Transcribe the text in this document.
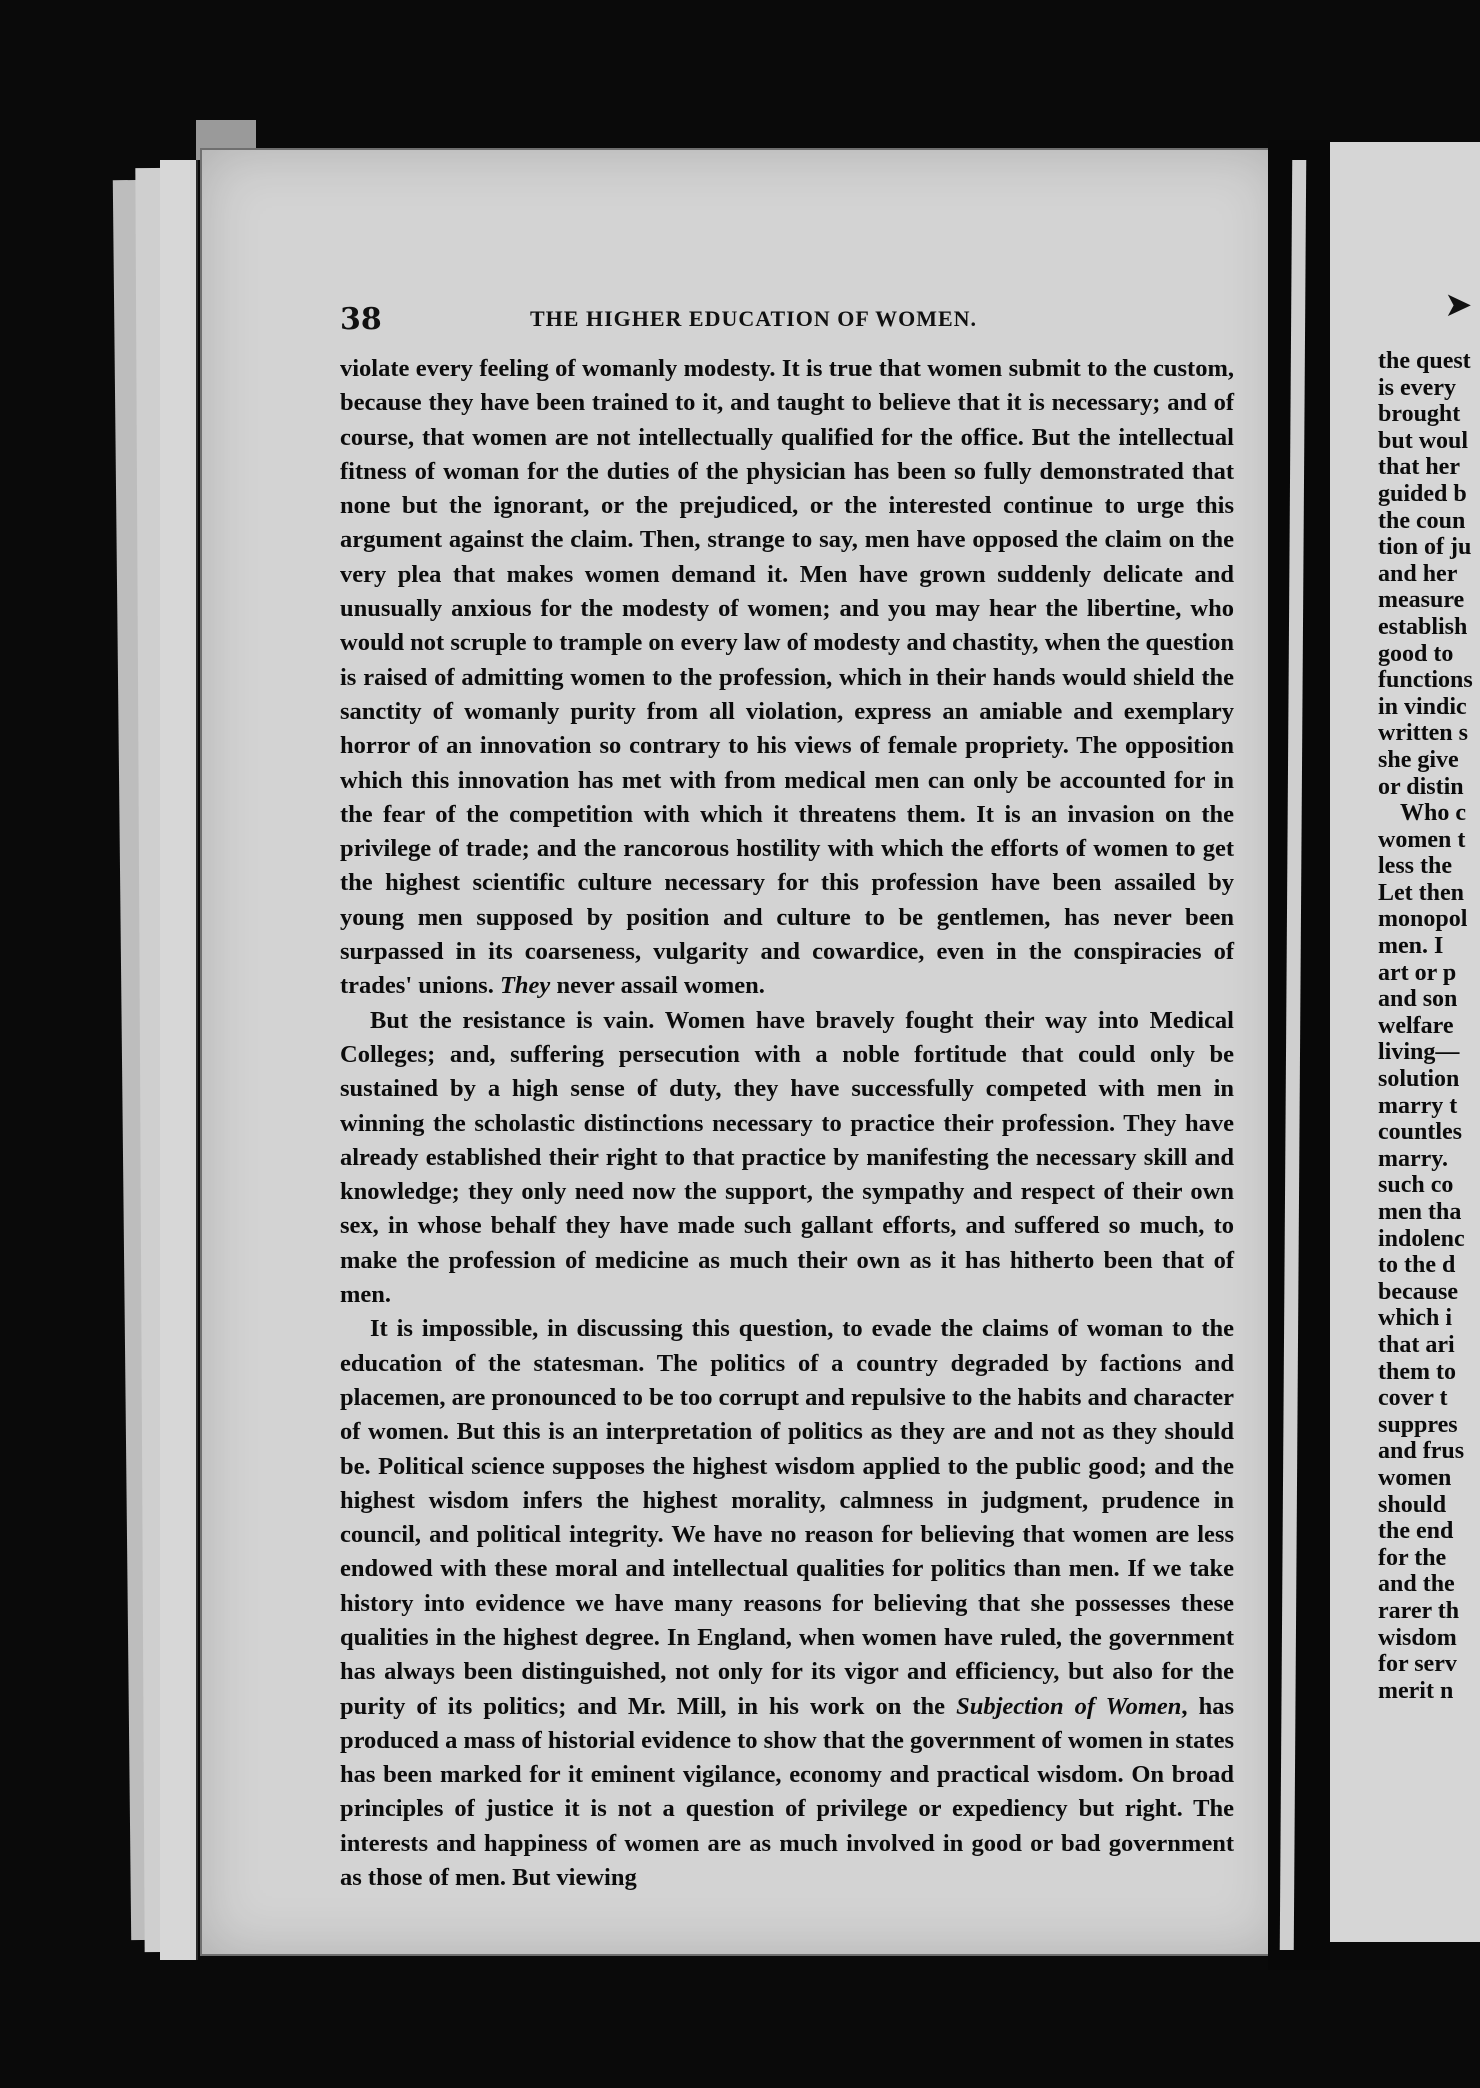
38	THE HIGHER EDUCATION OF WOMEN.

violate every feeling of womanly modesty. It is true that women submit to the custom, because they have been trained to it, and taught to believe that it is necessary; and of course, that women are not intellectually qualified for the office. But the intellectual fitness of woman for the duties of the physician has been so fully demonstrated that none but the ignorant, or the prejudiced, or the interested continue to urge this argument against the claim. Then, strange to say, men have opposed the claim on the very plea that makes women demand it. Men have grown suddenly delicate and unusually anxious for the modesty of women; and you may hear the libertine, who would not scruple to trample on every law of modesty and chastity, when the question is raised of admitting women to the profession, which in their hands would shield the sanctity of womanly purity from all violation, express an amiable and exemplary horror of an innovation so contrary to his views of female propriety. The opposition which this innovation has met with from medical men can only be accounted for in the fear of the competition with which it threatens them. It is an invasion on the privilege of trade; and the rancorous hostility with which the efforts of women to get the highest scientific culture necessary for this profession have been assailed by young men supposed by position and culture to be gentlemen, has never been surpassed in its coarseness, vulgarity and cowardice, even in the conspiracies of trades' unions. They never assail women.

But the resistance is vain. Women have bravely fought their way into Medical Colleges; and, suffering persecution with a noble fortitude that could only be sustained by a high sense of duty, they have successfully competed with men in winning the scholastic distinctions necessary to practice their profession. They have already established their right to that practice by manifesting the necessary skill and knowledge; they only need now the support, the sympathy and respect of their own sex, in whose behalf they have made such gallant efforts, and suffered so much, to make the profession of medicine as much their own as it has hitherto been that of men.

It is impossible, in discussing this question, to evade the claims of woman to the education of the statesman. The politics of a country degraded by factions and placemen, are pronounced to be too corrupt and repulsive to the habits and character of women. But this is an interpretation of politics as they are and not as they should be. Political science supposes the highest wisdom applied to the public good; and the highest wisdom infers the highest morality, calmness in judgment, prudence in council, and political integrity. We have no reason for believing that women are less endowed with these moral and intellectual qualities for politics than men. If we take history into evidence we have many reasons for believing that she possesses these qualities in the highest degree. In England, when women have ruled, the government has always been distinguished, not only for its vigor and efficiency, but also for the purity of its politics; and Mr. Mill, in his work on the Subjection of Women, has produced a mass of historial evidence to show that the government of women in states has been marked for it eminent vigilance, economy and practical wisdom. On broad principles of justice it is not a question of privilege or expediency but right. The interests and happiness of women are as much involved in good or bad government as those of men. But viewing

➤
the quest
is every
brought
but woul
that her
guided b
the coun
tion of ju
and her
measure
establish
good to
functions
in vindic
written s
she give
or distin
Who c
women t
less the
Let then
monopol
men. I
art or p
and son
welfare
living—
solution
marry t
countles
marry.
such co
men tha
indolenc
to the d
because
which i
that ari
them to
cover t
suppres
and frus
women
should
the end
for the
and the
rarer th
wisdom
for serv
merit n
